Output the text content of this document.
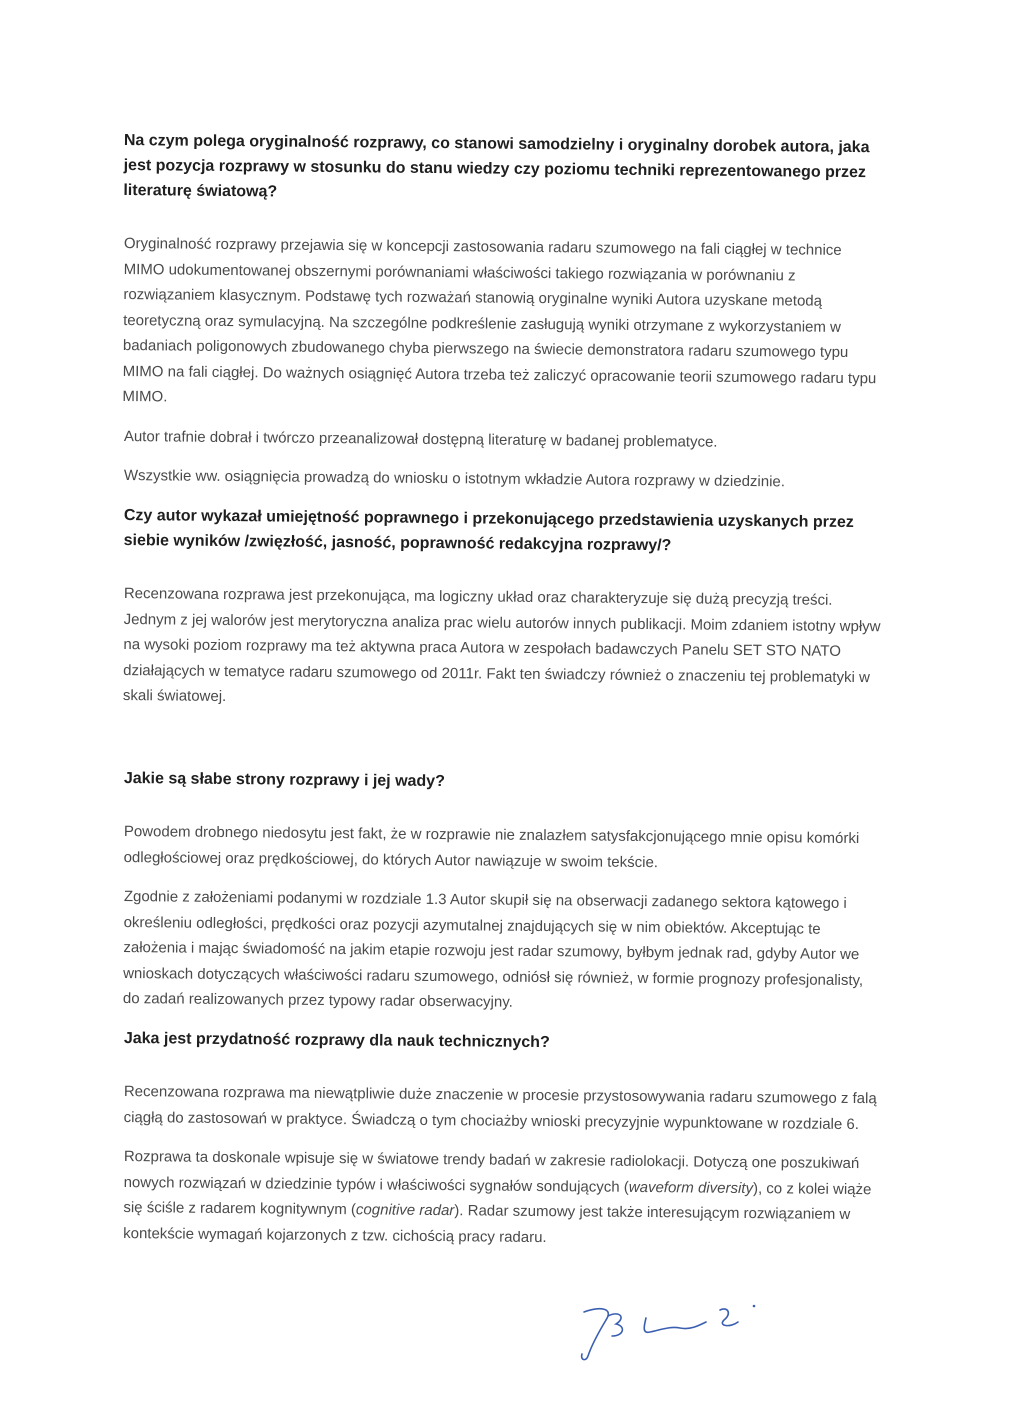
Na czym polega oryginalność rozprawy, co stanowi samodzielny i oryginalny dorobek autora, jaka jest pozycja rozprawy w stosunku do stanu wiedzy czy poziomu techniki reprezentowanego przez literaturę światową?

Oryginalność rozprawy przejawia się w koncepcji zastosowania radaru szumowego na fali ciągłej w technice MIMO udokumentowanej obszernymi porównaniami właściwości takiego rozwiązania w porównaniu z rozwiązaniem klasycznym. Podstawę tych rozważań stanowią oryginalne wyniki Autora uzyskane metodą teoretyczną oraz symulacyjną. Na szczególne podkreślenie zasługują wyniki otrzymane z wykorzystaniem w badaniach poligonowych zbudowanego chyba pierwszego na świecie demonstratora radaru szumowego typu MIMO na fali ciągłej. Do ważnych osiągnięć Autora trzeba też zaliczyć opracowanie teorii szumowego radaru typu MIMO.

Autor trafnie dobrał i twórczo przeanalizował dostępną literaturę w badanej problematyce.

Wszystkie ww. osiągnięcia prowadzą do wniosku o istotnym wkładzie Autora rozprawy w dziedzinie.

Czy autor wykazał umiejętność poprawnego i przekonującego przedstawienia uzyskanych przez siebie wyników /zwięzłość, jasność, poprawność redakcyjna rozprawy/?

Recenzowana rozprawa jest przekonująca, ma logiczny układ oraz charakteryzuje się dużą precyzją treści. Jednym z jej walorów jest merytoryczna analiza prac wielu autorów innych publikacji. Moim zdaniem istotny wpływ na wysoki poziom rozprawy ma też aktywna praca Autora w zespołach badawczych Panelu SET STO NATO działających w tematyce radaru szumowego od 2011r. Fakt ten świadczy również o znaczeniu tej problematyki w skali światowej.

Jakie są słabe strony rozprawy i jej wady?

Powodem drobnego niedosytu jest fakt, że w rozprawie nie znalazłem satysfakcjonującego mnie opisu komórki odległościowej oraz prędkościowej, do których Autor nawiązuje w swoim tekście.

Zgodnie z założeniami podanymi w rozdziale 1.3 Autor skupił się na obserwacji zadanego sektora kątowego i określeniu odległości, prędkości oraz pozycji azymutalnej znajdujących się w nim obiektów. Akceptując te założenia i mając świadomość na jakim etapie rozwoju jest radar szumowy, byłbym jednak rad, gdyby Autor we wnioskach dotyczących właściwości radaru szumowego, odniósł się również, w formie prognozy profesjonalisty, do zadań realizowanych przez typowy radar obserwacyjny.

Jaka jest przydatność rozprawy dla nauk technicznych?

Recenzowana rozprawa ma niewątpliwie duże znaczenie w procesie przystosowywania radaru szumowego z falą ciągłą do zastosowań w praktyce. Świadczą o tym chociażby wnioski precyzyjnie wypunktowane w rozdziale 6.

Rozprawa ta doskonale wpisuje się w światowe trendy badań w zakresie radiolokacji. Dotyczą one poszukiwań nowych rozwiązań w dziedzinie typów i właściwości sygnałów sondujących (waveform diversity), co z kolei wiąże się ściśle z radarem kognitywnym (cognitive radar). Radar szumowy jest także interesującym rozwiązaniem w kontekście wymagań kojarzonych z tzw. cichością pracy radaru.
